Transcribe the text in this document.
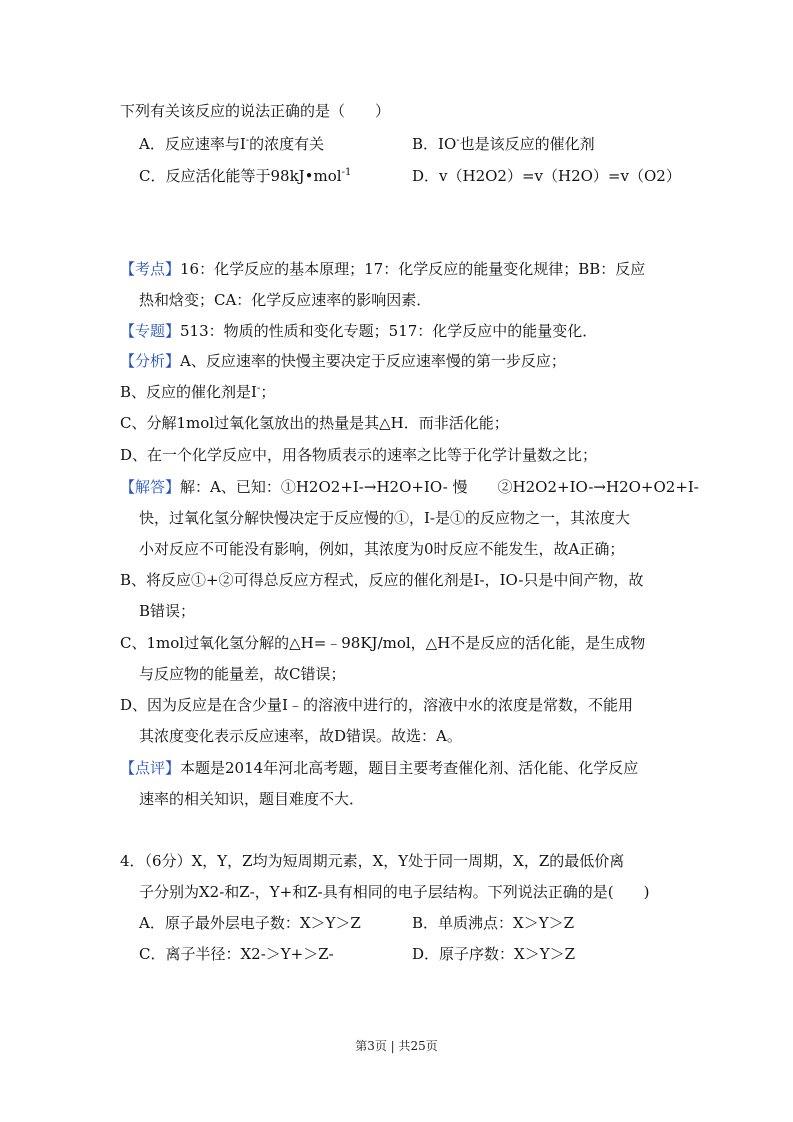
下列有关该反应的说法正确的是（　　）
A．反应速率与I-的浓度有关	B．IO-也是该反应的催化剂
C．反应活化能等于98kJ•mol$^{-1}$	D．v（H2O2）=v（H2O）=v（O2）
【考点】16：化学反应的基本原理；17：化学反应的能量变化规律；BB：反应
热和焓变；CA：化学反应速率的影响因素．
【专题】513：物质的性质和变化专题；517：化学反应中的能量变化．
【分析】A、反应速率的快慢主要决定于反应速率慢的第一步反应；
B、反应的催化剂是I-；
C、分解1mol过氧化氢放出的热量是其△H．而非活化能；
D、在一个化学反应中，用各物质表示的速率之比等于化学计量数之比；
【解答】解：A、已知：①H2O2+I-→H2O+IO- 慢　　②H2O2+IO-→H2O+O2+I-
快，过氧化氢分解快慢决定于反应慢的①，I-是①的反应物之一，其浓度大
小对反应不可能没有影响，例如，其浓度为0时反应不能发生，故A正确；
B、将反应①+②可得总反应方程式，反应的催化剂是I-，IO-只是中间产物，故
B错误；
C、1mol过氧化氢分解的△H=﹣98KJ/mol，△H不是反应的活化能，是生成物
与反应物的能量差，故C错误；
D、因为反应是在含少量I﹣的溶液中进行的，溶液中水的浓度是常数，不能用
其浓度变化表示反应速率，故D错误。故选：A。
【点评】本题是2014年河北高考题，题目主要考查催化剂、活化能、化学反应
速率的相关知识，题目难度不大．
4．（6分）X，Y，Z均为短周期元素，X，Y处于同一周期，X，Z的最低价离
子分别为X2-和Z-，Y+和Z-具有相同的电子层结构。下列说法正确的是(　　)
A．原子最外层电子数：X＞Y＞Z	B．单质沸点：X＞Y＞Z
C．离子半径：X2-＞Y+＞Z-	D．原子序数：X＞Y＞Z
第3页 | 共25页
